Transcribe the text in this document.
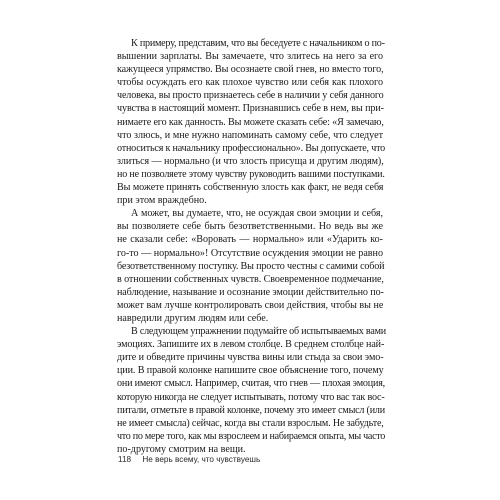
К примеру, представим, что вы беседуете с начальником о по-
вышении зарплаты. Вы замечаете, что злитесь на него за его
кажущееся упрямство. Вы осознаете свой гнев, но вместо того,
чтобы осуждать его как плохое чувство или себя как плохого
человека, вы просто признаетесь себе в наличии у себя данного
чувства в настоящий момент. Признавшись себе в нем, вы при-
нимаете его как данность. Вы можете сказать себе: «Я замечаю,
что злюсь, и мне нужно напоминать самому себе, что следует
относиться к начальнику профессионально». Вы допускаете, что
злиться — нормально (и что злость присуща и другим людям),
но не позволяете этому чувству руководить вашими поступками.
Вы можете принять собственную злость как факт, не ведя себя
при этом враждебно.

А может, вы думаете, что, не осуждая свои эмоции и себя,
вы позволяете себе быть безответственными. Но ведь вы же
не сказали себе: «Воровать — нормально» или «Ударить ко-
го-то — нормально»! Отсутствие осуждения эмоции не равно
безответственному поступку. Вы просто честны с самими собой
в отношении собственных чувств. Своевременное подмечание,
наблюдение, называние и осознание эмоции действительно по-
может вам лучше контролировать свои действия, чтобы вы не
навредили другим людям или себе.

В следующем упражнении подумайте об испытываемых вами
эмоциях. Запишите их в левом столбце. В среднем столбце най-
дите и обведите причины чувства вины или стыда за свои эмо-
ции. В правой колонке напишите свое объяснение того, почему
они имеют смысл. Например, считая, что гнев — плохая эмоция,
которую никогда не следует испытывать, потому что вас так вос-
питали, отметьте в правой колонке, почему это имеет смысл (или
не имеет смысла) сейчас, когда вы стали взрослым. Не забудьте,
что по мере того, как мы взрослеем и набираемся опыта, мы часто
по-другому смотрим на вещи.

118 Не верь всему, что чувствуешь
